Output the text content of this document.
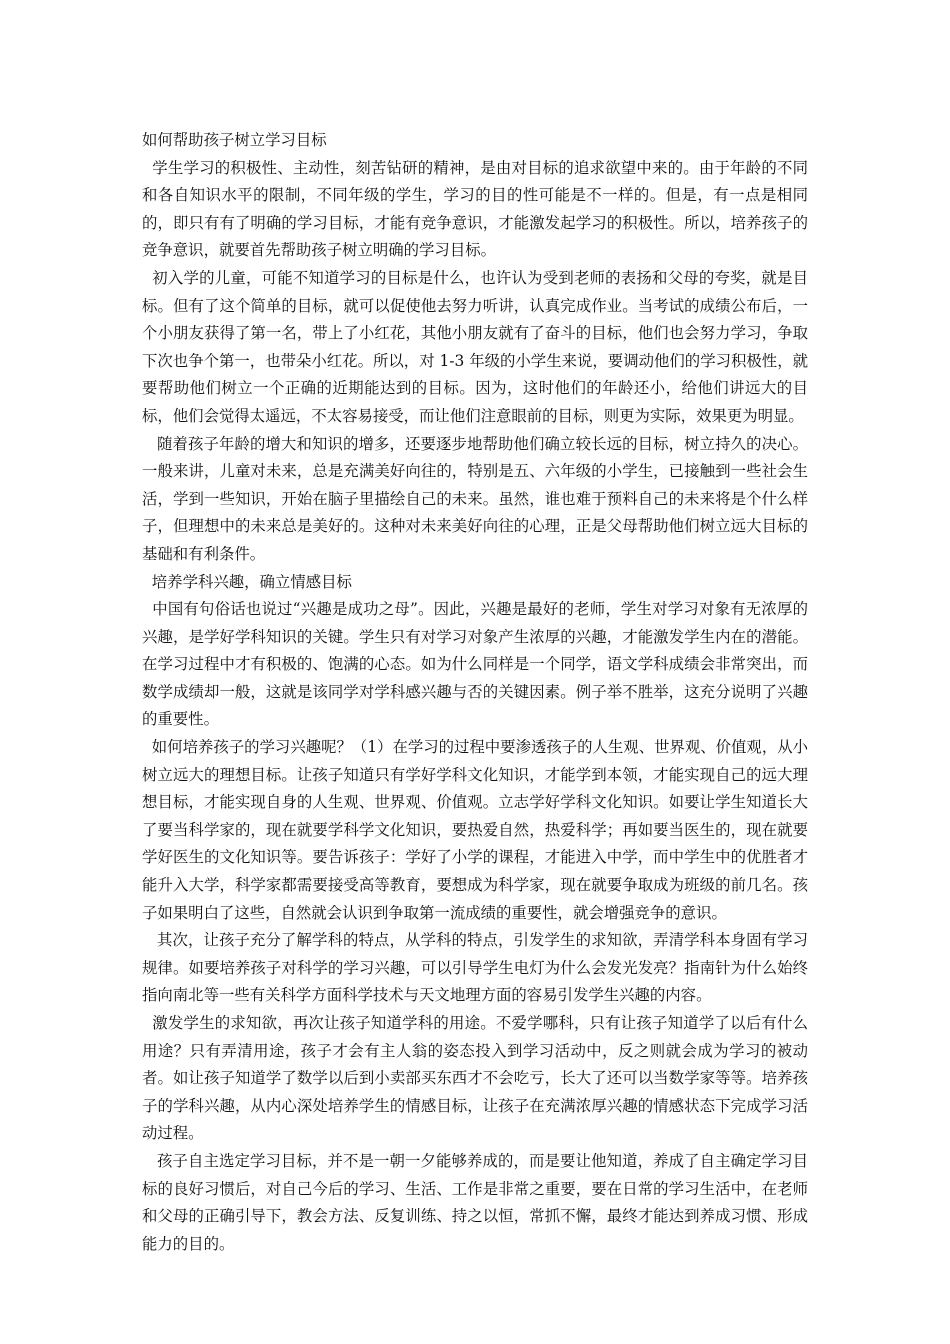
如何帮助孩子树立学习目标

学生学习的积极性、主动性，刻苦钻研的精神，是由对目标的追求欲望中来的。由于年龄的不同和各自知识水平的限制，不同年级的学生，学习的目的性可能是不一样的。但是，有一点是相同的，即只有有了明确的学习目标，才能有竞争意识，才能激发起学习的积极性。所以，培养孩子的竞争意识，就要首先帮助孩子树立明确的学习目标。

初入学的儿童，可能不知道学习的目标是什么，也许认为受到老师的表扬和父母的夸奖，就是目标。但有了这个简单的目标，就可以促使他去努力听讲，认真完成作业。当考试的成绩公布后，一个小朋友获得了第一名，带上了小红花，其他小朋友就有了奋斗的目标，他们也会努力学习，争取下次也争个第一，也带朵小红花。所以，对 1-3 年级的小学生来说，要调动他们的学习积极性，就要帮助他们树立一个正确的近期能达到的目标。因为，这时他们的年龄还小，给他们讲远大的目标，他们会觉得太遥远，不太容易接受，而让他们注意眼前的目标，则更为实际，效果更为明显。

随着孩子年龄的增大和知识的增多，还要逐步地帮助他们确立较长远的目标，树立持久的决心。一般来讲，儿童对未来，总是充满美好向往的，特别是五、六年级的小学生，已接触到一些社会生活，学到一些知识，开始在脑子里描绘自己的未来。虽然，谁也难于预料自己的未来将是个什么样子，但理想中的未来总是美好的。这种对未来美好向往的心理，正是父母帮助他们树立远大目标的基础和有利条件。

培养学科兴趣，确立情感目标

中国有句俗话也说过“兴趣是成功之母”。因此，兴趣是最好的老师，学生对学习对象有无浓厚的兴趣，是学好学科知识的关键。学生只有对学习对象产生浓厚的兴趣，才能激发学生内在的潜能。在学习过程中才有积极的、饱满的心态。如为什么同样是一个同学，语文学科成绩会非常突出，而数学成绩却一般，这就是该同学对学科感兴趣与否的关键因素。例子举不胜举，这充分说明了兴趣的重要性。

如何培养孩子的学习兴趣呢？（1）在学习的过程中要渗透孩子的人生观、世界观、价值观，从小树立远大的理想目标。让孩子知道只有学好学科文化知识，才能学到本领，才能实现自己的远大理想目标，才能实现自身的人生观、世界观、价值观。立志学好学科文化知识。如要让学生知道长大了要当科学家的，现在就要学科学文化知识，要热爱自然，热爱科学；再如要当医生的，现在就要学好医生的文化知识等。要告诉孩子：学好了小学的课程，才能进入中学，而中学生中的优胜者才能升入大学，科学家都需要接受高等教育，要想成为科学家，现在就要争取成为班级的前几名。孩子如果明白了这些，自然就会认识到争取第一流成绩的重要性，就会增强竞争的意识。

其次，让孩子充分了解学科的特点，从学科的特点，引发学生的求知欲，弄清学科本身固有学习规律。如要培养孩子对科学的学习兴趣，可以引导学生电灯为什么会发光发亮？指南针为什么始终指向南北等一些有关科学方面科学技术与天文地理方面的容易引发学生兴趣的内容。

激发学生的求知欲，再次让孩子知道学科的用途。不爱学哪科，只有让孩子知道学了以后有什么用途？只有弄清用途，孩子才会有主人翁的姿态投入到学习活动中，反之则就会成为学习的被动者。如让孩子知道学了数学以后到小卖部买东西才不会吃亏，长大了还可以当数学家等等。培养孩子的学科兴趣，从内心深处培养学生的情感目标，让孩子在充满浓厚兴趣的情感状态下完成学习活动过程。

孩子自主选定学习目标，并不是一朝一夕能够养成的，而是要让他知道，养成了自主确定学习目标的良好习惯后，对自己今后的学习、生活、工作是非常之重要，要在日常的学习生活中，在老师和父母的正确引导下，教会方法、反复训练、持之以恒，常抓不懈，最终才能达到养成习惯、形成能力的目的。
